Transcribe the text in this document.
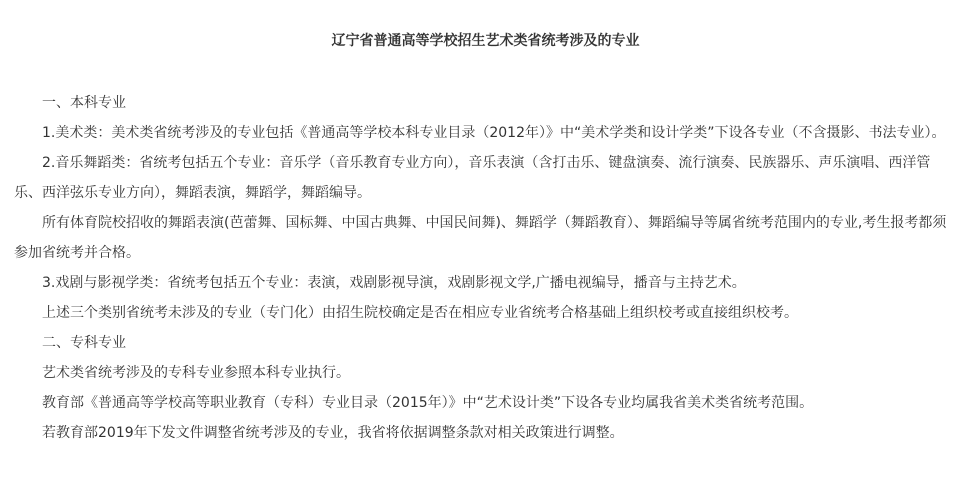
辽宁省普通高等学校招生艺术类省统考涉及的专业

一、本科专业

1.美术类：美术类省统考涉及的专业包括《普通高等学校本科专业目录（2012年）》中“美术学类和设计学类”下设各专业（不含摄影、书法专业）。

2.音乐舞蹈类：省统考包括五个专业：音乐学（音乐教育专业方向），音乐表演（含打击乐、键盘演奏、流行演奏、民族器乐、声乐演唱、西洋管乐、西洋弦乐专业方向），舞蹈表演，舞蹈学，舞蹈编导。

所有体育院校招收的舞蹈表演(芭蕾舞、国标舞、中国古典舞、中国民间舞)、舞蹈学（舞蹈教育）、舞蹈编导等属省统考范围内的专业,考生报考都须参加省统考并合格。

3.戏剧与影视学类：省统考包括五个专业：表演，戏剧影视导演，戏剧影视文学,广播电视编导，播音与主持艺术。

上述三个类别省统考未涉及的专业（专门化）由招生院校确定是否在相应专业省统考合格基础上组织校考或直接组织校考。

二、专科专业

艺术类省统考涉及的专科专业参照本科专业执行。

教育部《普通高等学校高等职业教育（专科）专业目录（2015年）》中“艺术设计类”下设各专业均属我省美术类省统考范围。

若教育部2019年下发文件调整省统考涉及的专业，我省将依据调整条款对相关政策进行调整。
